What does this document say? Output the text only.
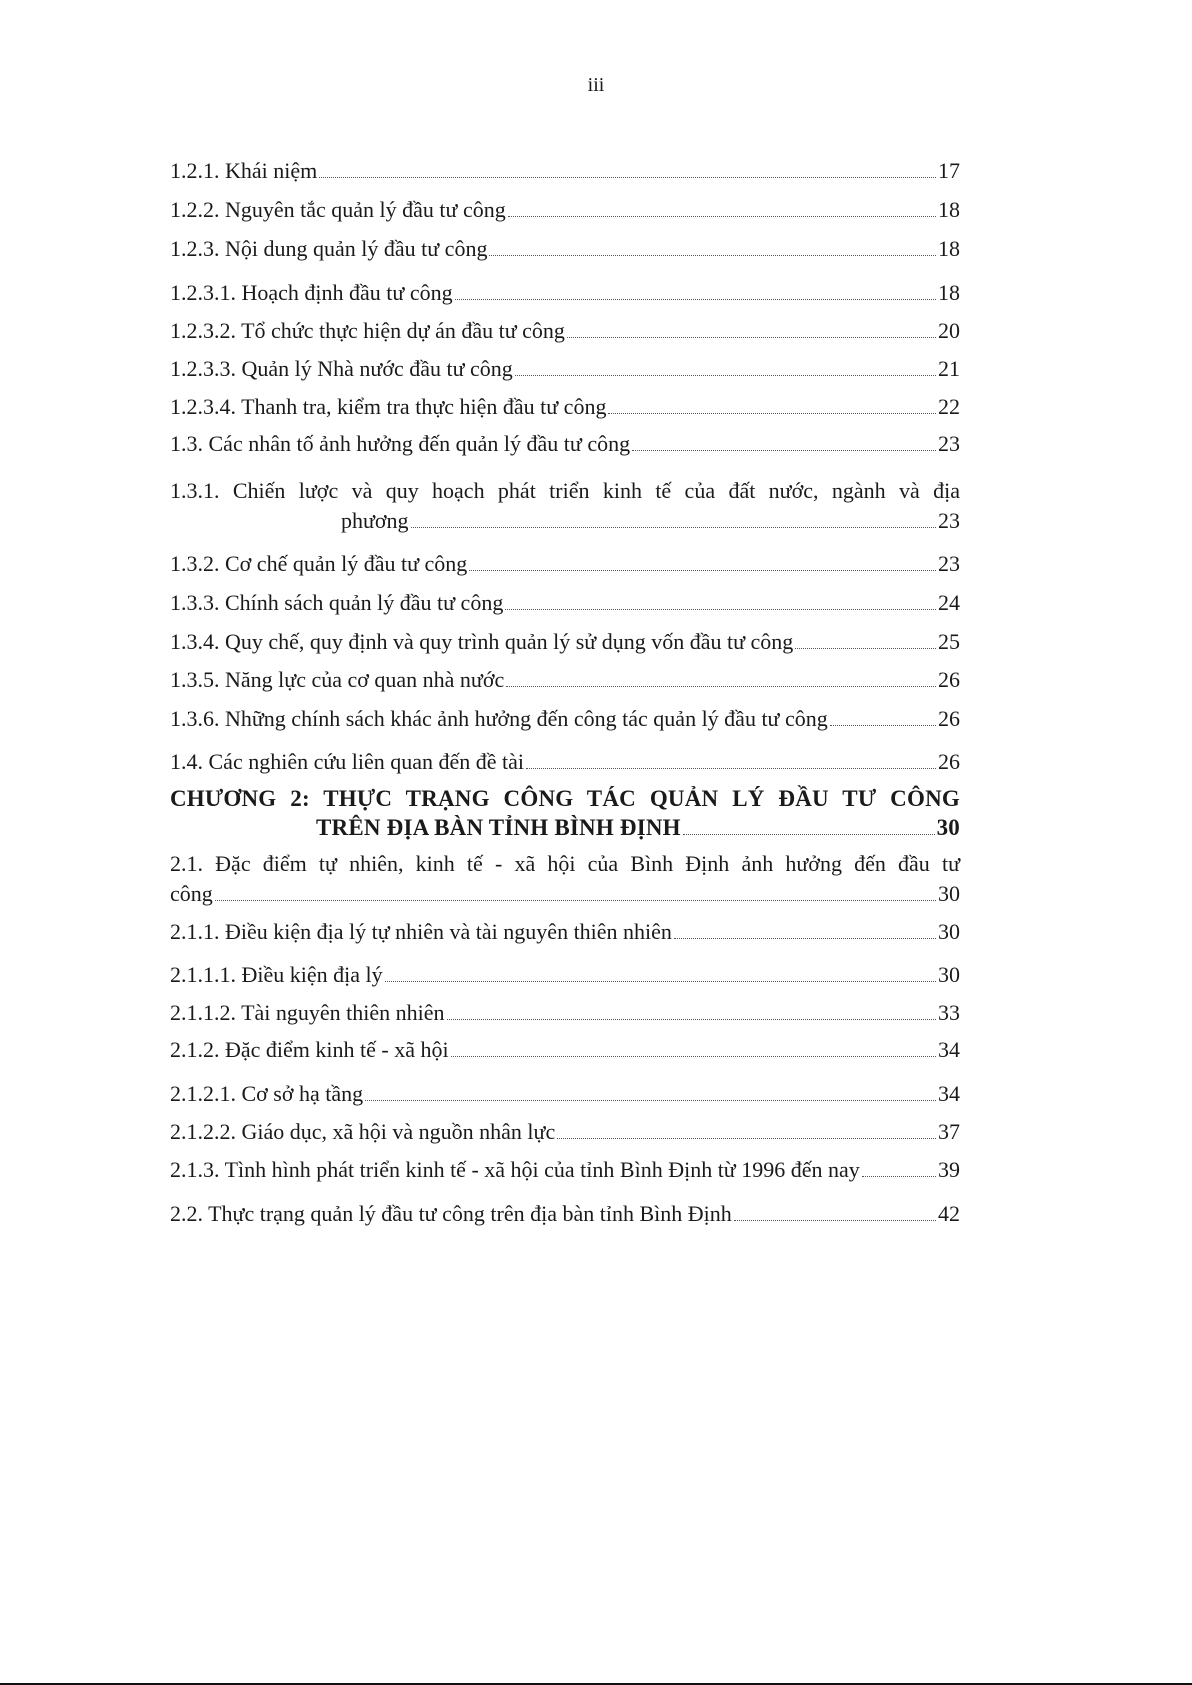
iii
1.2.1. Khái niệm	17
1.2.2. Nguyên tắc quản lý đầu tư công	18
1.2.3. Nội dung quản lý đầu tư công	18
1.2.3.1. Hoạch định đầu tư công	18
1.2.3.2. Tổ chức thực hiện dự án đầu tư công	20
1.2.3.3. Quản lý Nhà nước đầu tư công	21
1.2.3.4. Thanh tra, kiểm tra thực hiện đầu tư công	22
1.3. Các nhân tố ảnh hưởng đến quản lý đầu tư công	23
1.3.1. Chiến lược và quy hoạch phát triển kinh tế của đất nước, ngành và địa
phương	23
1.3.2. Cơ chế quản lý đầu tư công	23
1.3.3. Chính sách quản lý đầu tư công	24
1.3.4. Quy chế, quy định và quy trình quản lý sử dụng vốn đầu tư công	25
1.3.5. Năng lực của cơ quan nhà nước	26
1.3.6. Những chính sách khác ảnh hưởng đến công tác quản lý đầu tư công	26
1.4. Các nghiên cứu liên quan đến đề tài	26
CHƯƠNG 2: THỰC TRẠNG CÔNG TÁC QUẢN LÝ ĐẦU TƯ CÔNG
TRÊN ĐỊA BÀN TỈNH BÌNH ĐỊNH	30
2.1. Đặc điểm tự nhiên, kinh tế - xã hội của Bình Định ảnh hưởng đến đầu tư
công	30
2.1.1. Điều kiện địa lý tự nhiên và tài nguyên thiên nhiên	30
2.1.1.1. Điều kiện địa lý	30
2.1.1.2. Tài nguyên thiên nhiên	33
2.1.2. Đặc điểm kinh tế - xã hội	34
2.1.2.1. Cơ sở hạ tầng	34
2.1.2.2. Giáo dục, xã hội và nguồn nhân lực	37
2.1.3. Tình hình phát triển kinh tế - xã hội của tỉnh Bình Định từ 1996 đến nay	39
2.2. Thực trạng quản lý đầu tư công trên địa bàn tỉnh Bình Định	42
